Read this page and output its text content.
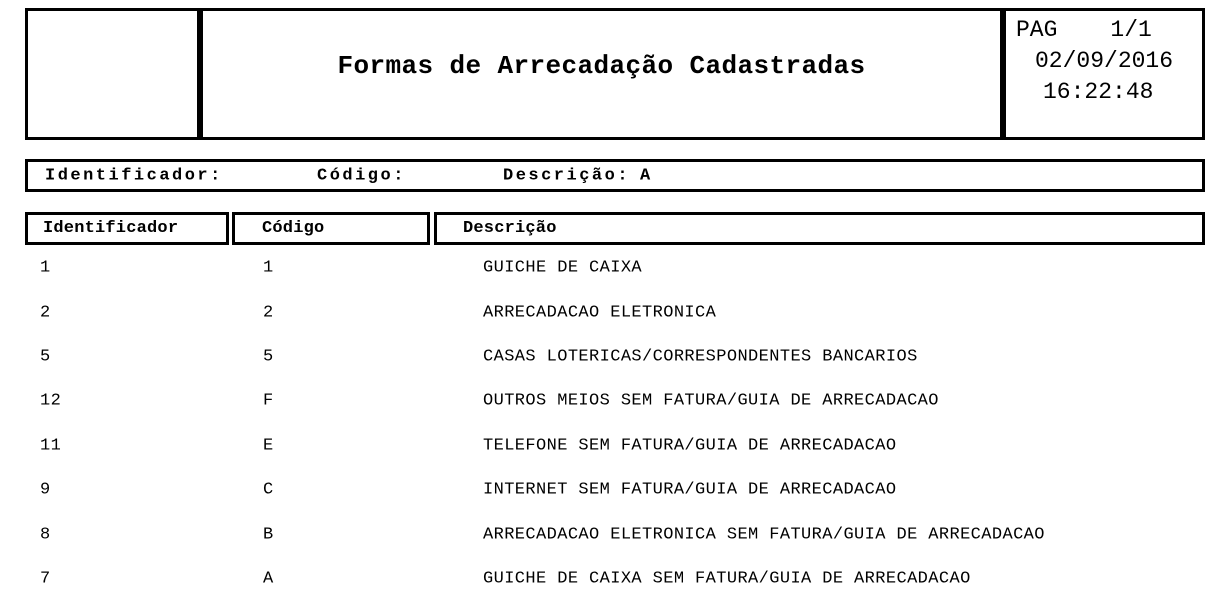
Formas de Arrecadação Cadastradas
PAG 1/1
02/09/2016
16:22:48
Identificador:	Código:	Descrição: A
Identificador	Código	Descrição
1	1	GUICHE DE CAIXA
2	2	ARRECADACAO ELETRONICA
5	5	CASAS LOTERICAS/CORRESPONDENTES BANCARIOS
12	F	OUTROS MEIOS SEM FATURA/GUIA DE ARRECADACAO
11	E	TELEFONE SEM FATURA/GUIA DE ARRECADACAO
9	C	INTERNET SEM FATURA/GUIA DE ARRECADACAO
8	B	ARRECADACAO ELETRONICA SEM FATURA/GUIA DE ARRECADACAO
7	A	GUICHE DE CAIXA SEM FATURA/GUIA DE ARRECADACAO
